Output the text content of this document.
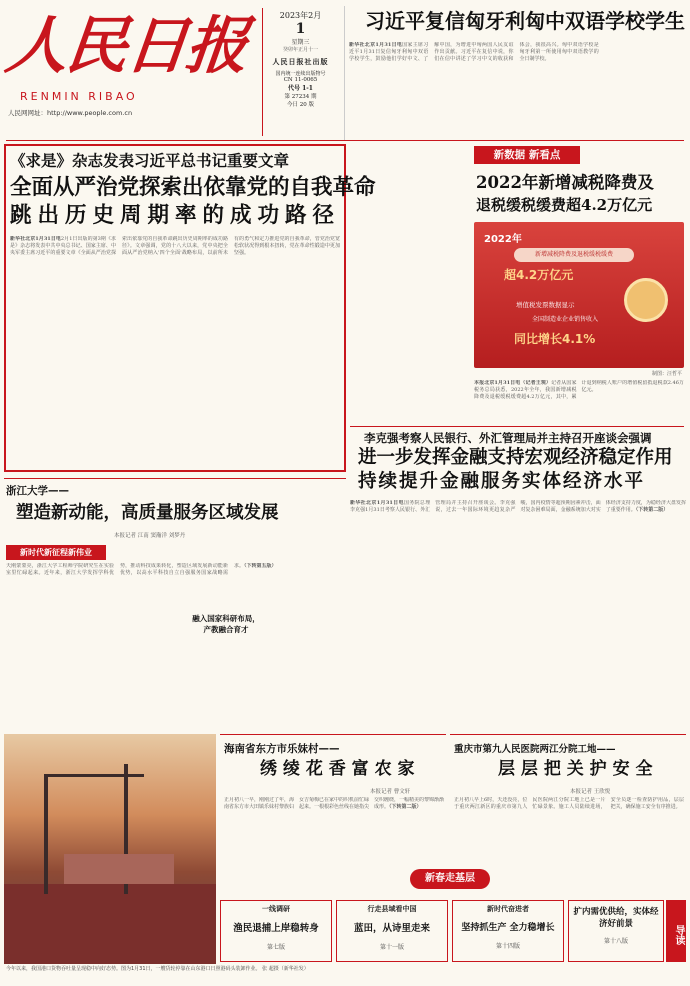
人民日报
RENMIN RIBAO
人民网网址：http://www.people.com.cn
2023年2月
1
星期三
癸卯年正月十一
人民日报社出版
国内统一连续出版物号
CN 11-0065
代号 1-1
第 27234 期
今日 20 版
习近平复信匈牙利匈中双语学校学生
新华社北京1月31日电国家主席习近平1月31日复信匈牙利匈中双语学校学生，鼓励他们学好中文、了解中国，为增进中匈两国人民友谊作出贡献。习近平在复信中说，你们在信中讲述了学习中文的收获和体会，我很高兴。匈中双语学校是匈牙利第一所使用匈中双语教学的全日制学校。
《求是》杂志发表习近平总书记重要文章
全面从严治党探索出依靠党的自我革命
跳出历史周期率的成功路径
新华社北京1月31日电2月1日出版的第3期《求是》杂志将发表中共中央总书记、国家主席、中央军委主席习近平的重要文章《全面从严治党探索出依靠党的自我革命跳出历史周期率的成功路径》。文章强调，党的十八大以来，党中央把全面从严治党纳入'四个全面'战略布局，以前所未有的勇气和定力推进党的自我革命，管党治党宽松软状况得到根本扭转，党在革命性锻造中更加坚强。
新数据 新看点
2022年新增减税降费及
退税缓税缓费超4.2万亿元
2022年
新增减税降费及退税缓税缓费
超4.2万亿元
增值税发票数据显示
全国制造业企业销售收入
同比增长4.1%
制图：汪哲平
本报北京1月31日电（记者王观）记者从国家税务总局获悉，2022年全年，我国新增减税降费及退税缓税缓费超4.2万亿元，其中，累计退到纳税人账户的增值税留抵退税款2.46万亿元。
李克强考察人民银行、外汇管理局并主持召开座谈会强调
进一步发挥金融支持宏观经济稳定作用
持续提升金融服务实体经济水平
新华社北京1月31日电国务院总理李克强1月31日考察人民银行、外汇管理局并主持召开座谈会。李克强说，过去一年国际环境更趋复杂严峻，国内疫情等超预期因素冲击，面对复杂困难局面，金融系统加大对实体经济支持力度，为稳经济大盘发挥了重要作用。（下转第二版）
浙江大学——
塑造新动能，高质量服务区域发展
本报记者 江南 窦瀚洋 刘梦丹
新时代新征程新伟业
天刚蒙蒙亮，浙江大学工程师学院研究生在实验室里忙碌起来。近年来，浙江大学发挥学科优势，推动科技成果转化，塑造区域发展新动能新优势，以高水平科技自立自强服务国家战略需求。（下转第五版）
融入国家科研布局，
产教融合育才
今年以来，我国港口货物吞吐量呈现稳中向好态势。图为1月31日，一艘货轮停靠在山东港口日照港码头装卸作业。 张 超摄（新华社发）
海南省东方市乐妹村——
绣 绫 花 香 富 农 家
本报记者 曹文轩
正月初八一早，刚刚过了年，海南省东方市大田镇乐妹村黎族妇女吉菊梅已在家中的织机前忙碌起来。一根根彩色丝线在她指尖交织缠绕，一幅精美的黎锦渐渐成形。（下转第二版）
新春走基层
重庆市第九人民医院两江分院工地——
层 层 把 关 护 安 全
本报记者 王欣悦
正月初八早上6时，天还没亮，位于重庆两江新区的重庆市第九人民医院两江分院工地上已是一片忙碌景象。施工人员陆续进场，安全员逐一检查防护用品，层层把关，确保施工安全有序推进。
一线调研
渔民退捕上岸稳转身
第七版
行走县域看中国
蓝田，从诗里走来
第十一版
新时代奋进者
坚持抓生产 全力稳增长
第十四版
扩内需优供给，实体经济好前景
第十八版	导读
